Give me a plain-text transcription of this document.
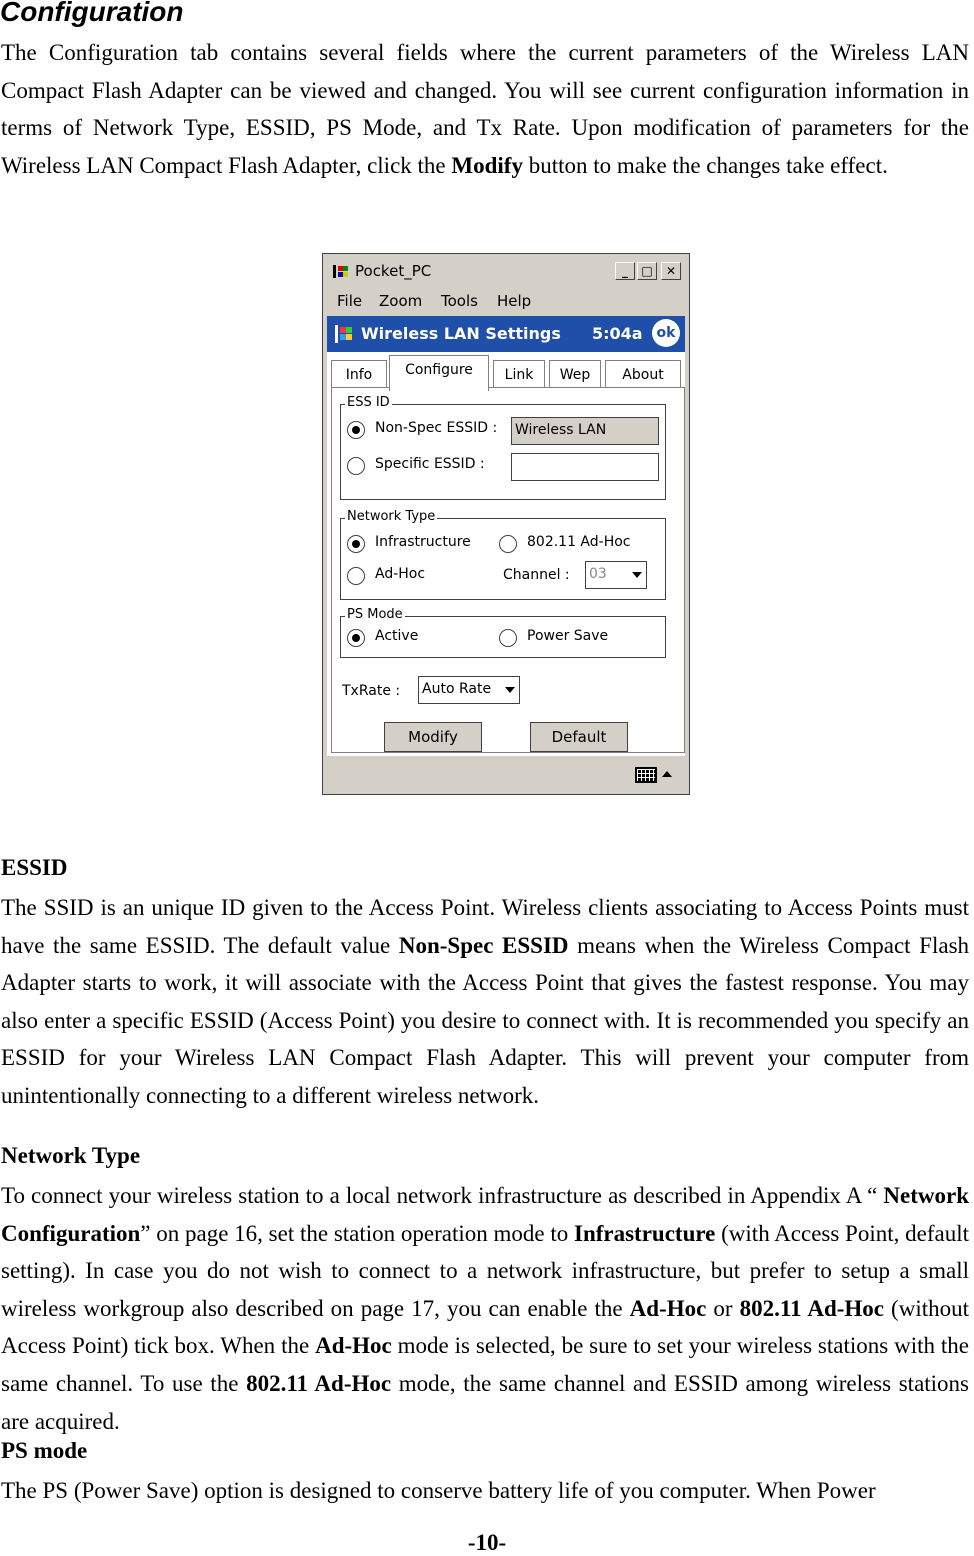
Configuration
The Configuration tab contains several fields where the current parameters of the Wireless LAN Compact Flash Adapter can be viewed and changed. You will see current configuration information in terms of Network Type, ESSID, PS Mode, and Tx Rate. Upon modification of parameters for the Wireless LAN Compact Flash Adapter, click the Modify button to make the changes take effect.
Pocket_PC	_	□	✕
File Zoom Tools Help
Wireless LAN Settings 5:04a ok
Info	Configure	Link	Wep	About
ESS ID
Non-Spec ESSID : Wireless LAN
Specific ESSID :
Network Type
Infrastructure	802.11 Ad-Hoc
Ad-Hoc	Channel : 03
PS Mode
Active	Power Save
TxRate : Auto Rate
Modify	Default
ESSID
The SSID is an unique ID given to the Access Point. Wireless clients associating to Access Points must have the same ESSID. The default value Non-Spec ESSID means when the Wireless Compact Flash Adapter starts to work, it will associate with the Access Point that gives the fastest response. You may also enter a specific ESSID (Access Point) you desire to connect with. It is recommended you specify an ESSID for your Wireless LAN Compact Flash Adapter. This will prevent your computer from unintentionally connecting to a different wireless network.
Network Type
To connect your wireless station to a local network infrastructure as described in Appendix A “ Network Configuration” on page 16, set the station operation mode to Infrastructure (with Access Point, default setting). In case you do not wish to connect to a network infrastructure, but prefer to setup a small wireless workgroup also described on page 17, you can enable the Ad-Hoc or 802.11 Ad-Hoc (without Access Point) tick box. When the Ad-Hoc mode is selected, be sure to set your wireless stations with the same channel. To use the 802.11 Ad-Hoc mode, the same channel and ESSID among wireless stations are acquired.
PS mode
The PS (Power Save) option is designed to conserve battery life of you computer. When Power
-10-
